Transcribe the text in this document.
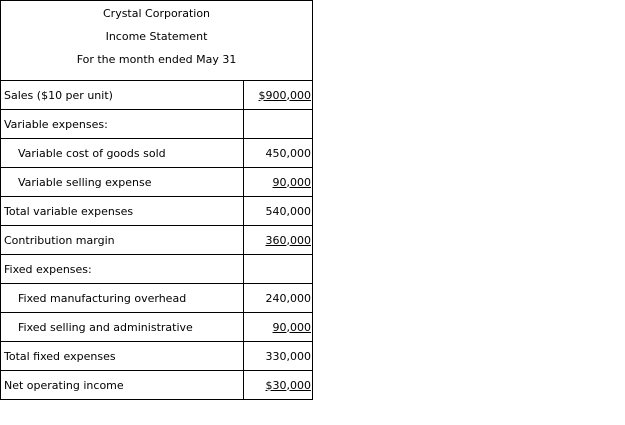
Crystal Corporation
Income Statement
For the month ended May 31	

Sales ($10 per unit)	$900,000
Variable expenses:	
Variable cost of goods sold	450,000
Variable selling expense	90,000
Total variable expenses	540,000
Contribution margin	360,000
Fixed expenses:	
Fixed manufacturing overhead	240,000
Fixed selling and administrative	90,000
Total fixed expenses	330,000
Net operating income	$30,000
